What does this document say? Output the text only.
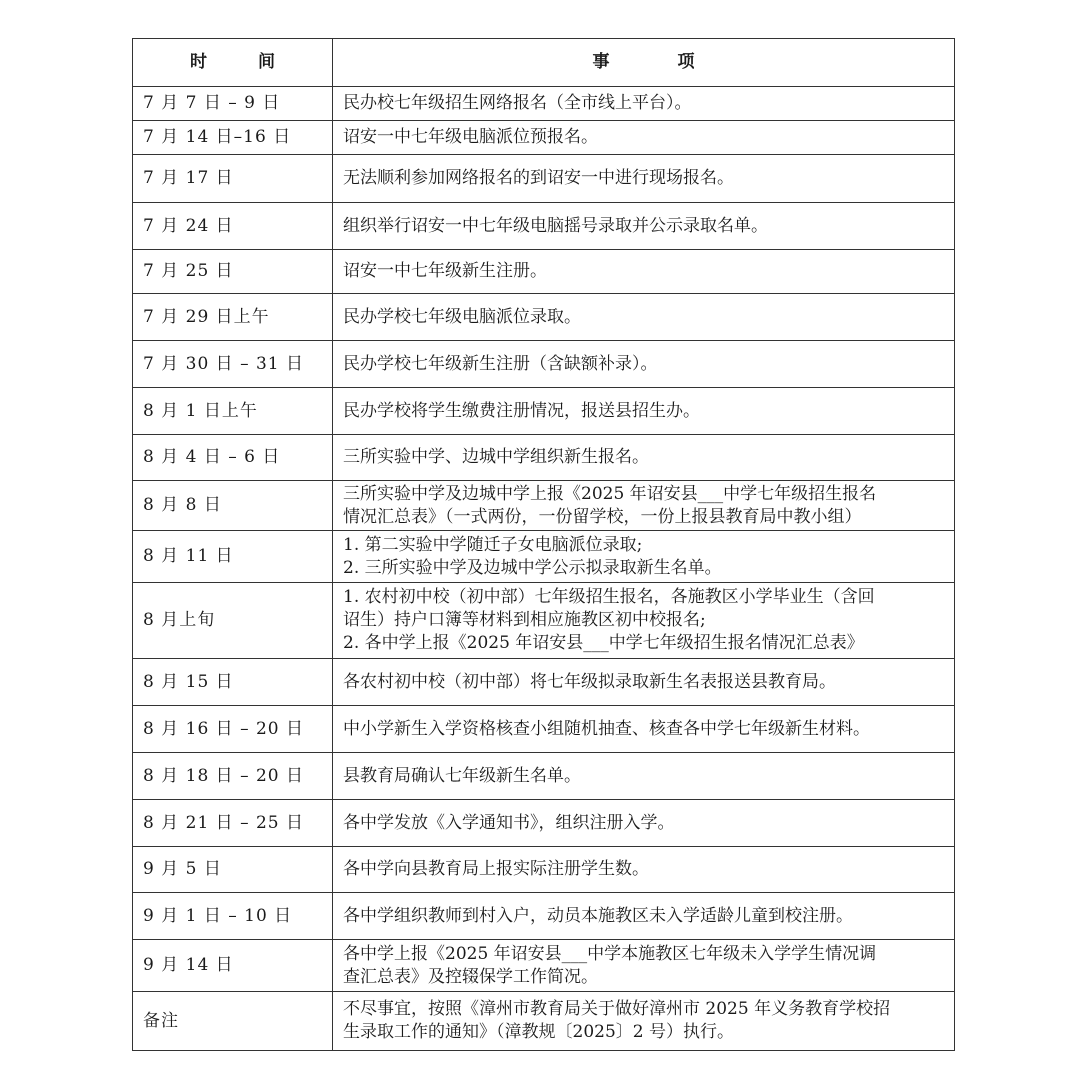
时　　　间	事　　　　项
7 月 7 日 – 9 日	民办校七年级招生网络报名（全市线上平台）。

7 月 14 日–16 日	诏安一中七年级电脑派位预报名。

7 月 17 日	无法顺利参加网络报名的到诏安一中进行现场报名。

7 月 24 日	组织举行诏安一中七年级电脑摇号录取并公示录取名单。

7 月 25 日	诏安一中七年级新生注册。

7 月 29 日上午	民办学校七年级电脑派位录取。

7 月 30 日 – 31 日	民办学校七年级新生注册（含缺额补录）。

8 月 1 日上午	民办学校将学生缴费注册情况，报送县招生办。

8 月 4 日 – 6 日	三所实验中学、边城中学组织新生报名。

8 月 8 日	三所实验中学及边城中学上报《2025 年诏安县___中学七年级招生报名
情况汇总表》（一式两份，一份留学校，一份上报县教育局中教小组）

8 月 11 日	1. 第二实验中学随迁子女电脑派位录取;
2. 三所实验中学及边城中学公示拟录取新生名单。

8 月上旬	1. 农村初中校（初中部）七年级招生报名，各施教区小学毕业生（含回
诏生）持户口簿等材料到相应施教区初中校报名;
2. 各中学上报《2025 年诏安县___中学七年级招生报名情况汇总表》

8 月 15 日	各农村初中校（初中部）将七年级拟录取新生名表报送县教育局。

8 月 16 日 – 20 日	中小学新生入学资格核查小组随机抽查、核查各中学七年级新生材料。

8 月 18 日 – 20 日	县教育局确认七年级新生名单。

8 月 21 日 – 25 日	各中学发放《入学通知书》，组织注册入学。

9 月 5 日	各中学向县教育局上报实际注册学生数。

9 月 1 日 – 10 日	各中学组织教师到村入户，动员本施教区未入学适龄儿童到校注册。

9 月 14 日	各中学上报《2025 年诏安县___中学本施教区七年级未入学学生情况调
查汇总表》及控辍保学工作简况。

备注	不尽事宜，按照《漳州市教育局关于做好漳州市 2025 年义务教育学校招
生录取工作的通知》（漳教规〔2025〕2 号）执行。
